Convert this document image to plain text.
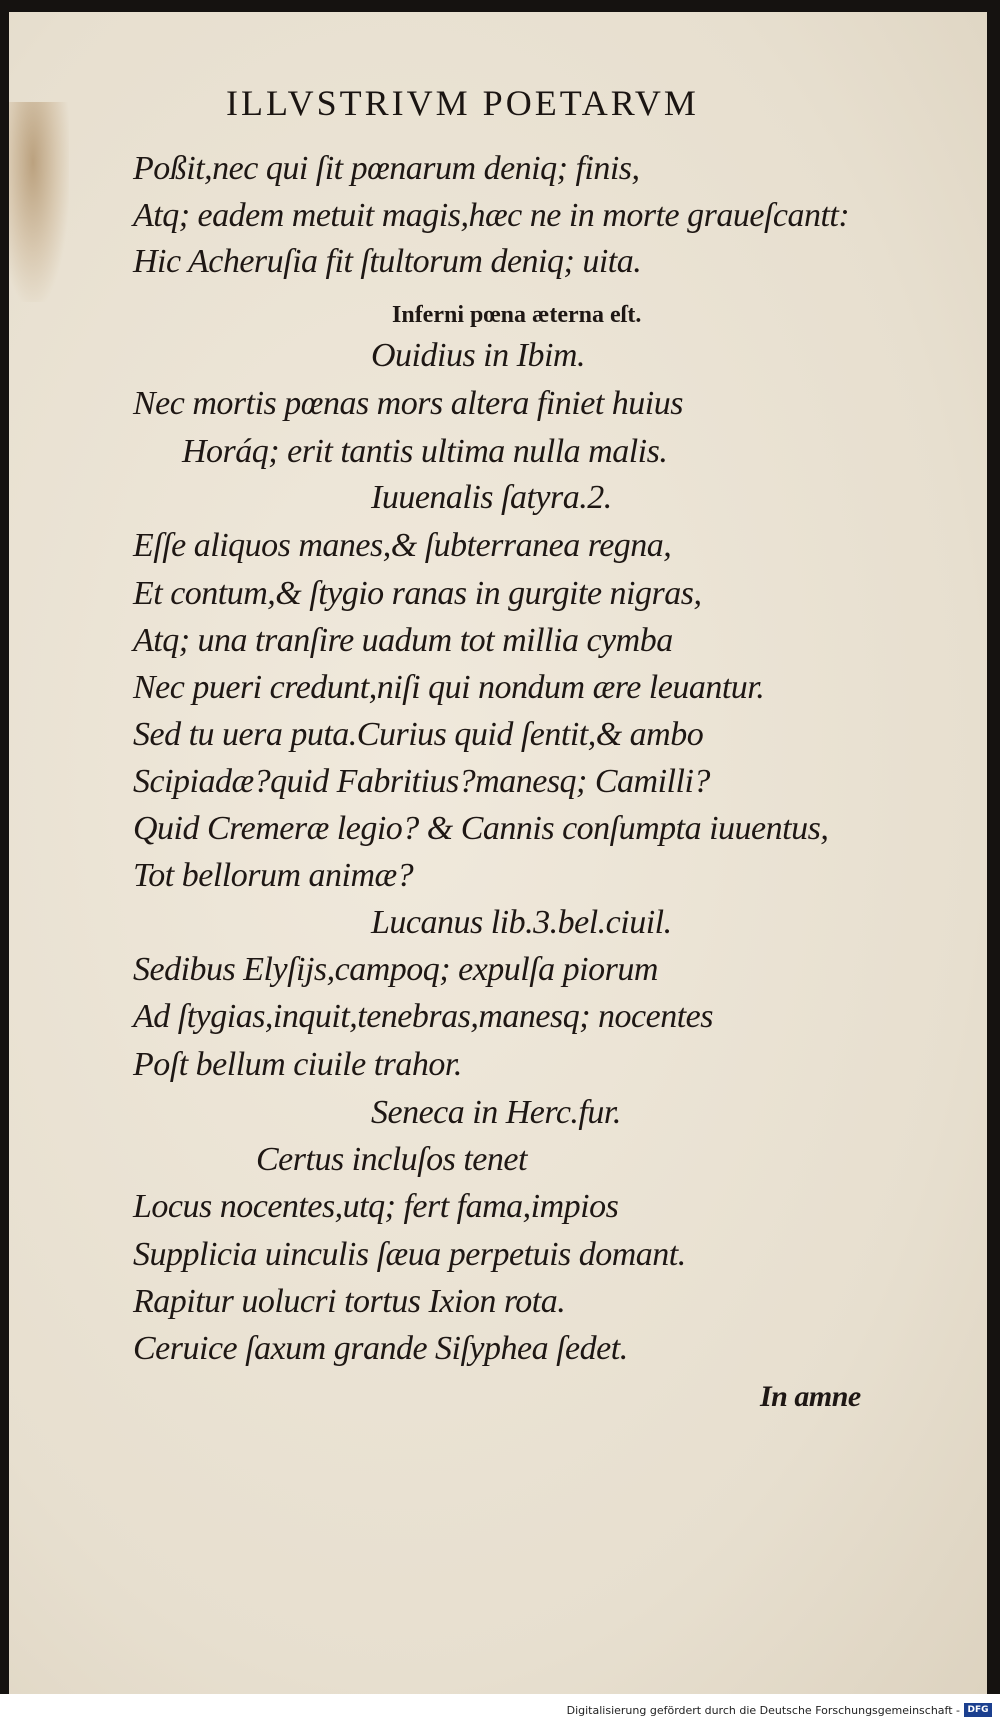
ILLVSTRIVM POETARVM
Poßit,nec qui ſit pœnarum deniq; finis,
Atq; eadem metuit magis,hæc ne in morte graueſcantt:
Hic Acheruſia fit ſtultorum deniq; uita.
Inferni pœna æterna eſt.
Ouidius in Ibim.
Nec mortis pœnas mors altera finiet huius
Horáq; erit tantis ultima nulla malis.
Iuuenalis ſatyra.2.
Eſſe aliquos manes,& ſubterranea regna,
Et contum,& ſtygio ranas in gurgite nigras,
Atq; una tranſire uadum tot millia cymba
Nec pueri credunt,niſi qui nondum ære leuantur.
Sed tu uera puta.Curius quid ſentit,& ambo
Scipiadæ?quid Fabritius?manesq; Camilli?
Quid Cremeræ legio? & Cannis conſumpta iuuentus,
Tot bellorum animæ?
Lucanus lib.3.bel.ciuil.
Sedibus Elyſijs,campoq; expulſa piorum
Ad ſtygias,inquit,tenebras,manesq; nocentes
Poſt bellum ciuile trahor.
Seneca in Herc.fur.
Certus incluſos tenet
Locus nocentes,utq; fert fama,impios
Supplicia uinculis ſæua perpetuis domant.
Rapitur uolucri tortus Ixion rota.
Ceruice ſaxum grande Siſyphea ſedet.
In amne
Digitalisierung gefördert durch die Deutsche Forschungsgemeinschaft - DFG
